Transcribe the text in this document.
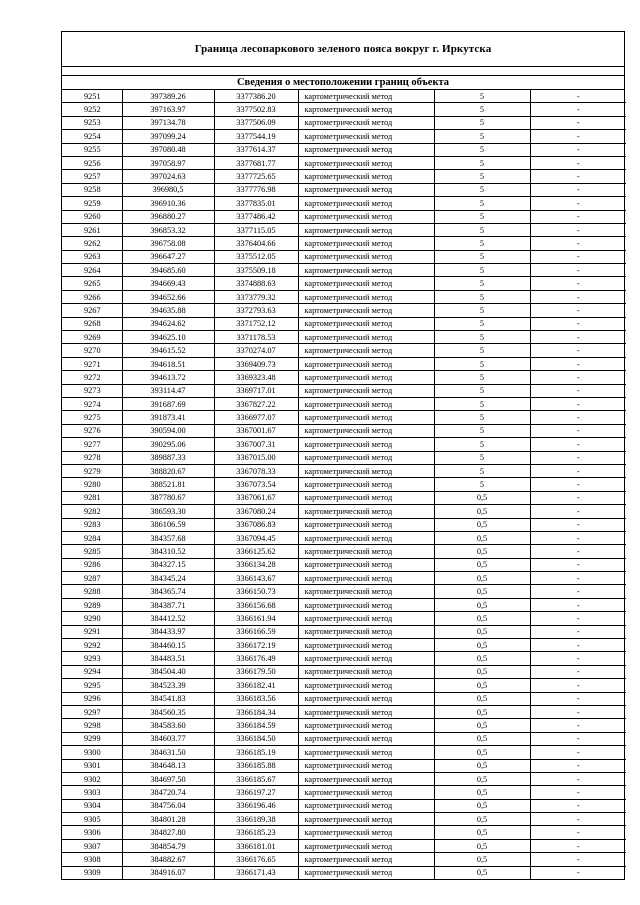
Граница лесопаркового зеленого пояса вокруг г. Иркутска
Сведения о местоположении границ объекта
9251	397389.26	3377386.20	картометрический метод	5	-
9252	397163.97	3377502.83	картометрический метод	5	-
9253	397134.78	3377506.09	картометрический метод	5	-
9254	397099.24	3377544.19	картометрический метод	5	-
9255	397080.48	3377614.37	картометрический метод	5	-
9256	397058.97	3377681.77	картометрический метод	5	-
9257	397024.63	3377725.65	картометрический метод	5	-
9258	396980,5	3377776.98	картометрический метод	5	-
9259	396910.36	3377835.01	картометрический метод	5	-
9260	396880.27	3377486.42	картометрический метод	5	-
9261	396853.32	3377115.05	картометрический метод	5	-
9262	396758.08	3376404.66	картометрический метод	5	-
9263	396647.27	3375512.05	картометрический метод	5	-
9264	394685.60	3375509.18	картометрический метод	5	-
9265	394669.43	3374888.63	картометрический метод	5	-
9266	394652.66	3373779.32	картометрический метод	5	-
9267	394635.88	3372793.63	картометрический метод	5	-
9268	394624.62	3371752.12	картометрический метод	5	-
9269	394625.10	3371178.53	картометрический метод	5	-
9270	394615.52	3370274.07	картометрический метод	5	-
9271	394618.51	3369409.73	картометрический метод	5	-
9272	394613.72	3369323.48	картометрический метод	5	-
9273	393114.47	3369717.01	картометрический метод	5	-
9274	391687.69	3367827.22	картометрический метод	5	-
9275	391873.41	3366977.07	картометрический метод	5	-
9276	390594.00	3367001.67	картометрический метод	5	-
9277	390295.06	3367007.31	картометрический метод	5	-
9278	389887.33	3367015.00	картометрический метод	5	-
9279	388820.67	3367078.33	картометрический метод	5	-
9280	388521.81	3367073.54	картометрический метод	5	-
9281	387780.67	3367061.67	картометрический метод	0,5	-
9282	386593.30	3367080.24	картометрический метод	0,5	-
9283	386106.59	3367086.83	картометрический метод	0,5	-
9284	384357.68	3367094.45	картометрический метод	0,5	-
9285	384310.52	3366125.62	картометрический метод	0,5	-
9286	384327.15	3366134.28	картометрический метод	0,5	-
9287	384345.24	3366143.67	картометрический метод	0,5	-
9288	384365.74	3366150.73	картометрический метод	0,5	-
9289	384387.71	3366156.68	картометрический метод	0,5	-
9290	384412.52	3366161.94	картометрический метод	0,5	-
9291	384433.97	3366166.59	картометрический метод	0,5	-
9292	384460.15	3366172.19	картометрический метод	0,5	-
9293	384483.51	3366176.49	картометрический метод	0,5	-
9294	384504.40	3366179.50	картометрический метод	0,5	-
9295	384523.39	3366182.41	картометрический метод	0,5	-
9296	384541.83	3366183.56	картометрический метод	0,5	-
9297	384560.35	3366184.34	картометрический метод	0,5	-
9298	384583.60	3366184.59	картометрический метод	0,5	-
9299	384603.77	3366184.50	картометрический метод	0,5	-
9300	384631.50	3366185.19	картометрический метод	0,5	-
9301	384648.13	3366185.88	картометрический метод	0,5	-
9302	384697.50	3366185.67	картометрический метод	0,5	-
9303	384720.74	3366197.27	картометрический метод	0,5	-
9304	384756.04	3366196.46	картометрический метод	0,5	-
9305	384801.28	3366189.38	картометрический метод	0,5	-
9306	384827.80	3366185.23	картометрический метод	0,5	-
9307	384854.79	3366181.01	картометрический метод	0,5	-
9308	384882.67	3366176.65	картометрический метод	0,5	-
9309	384916.07	3366171.43	картометрический метод	0,5	-
